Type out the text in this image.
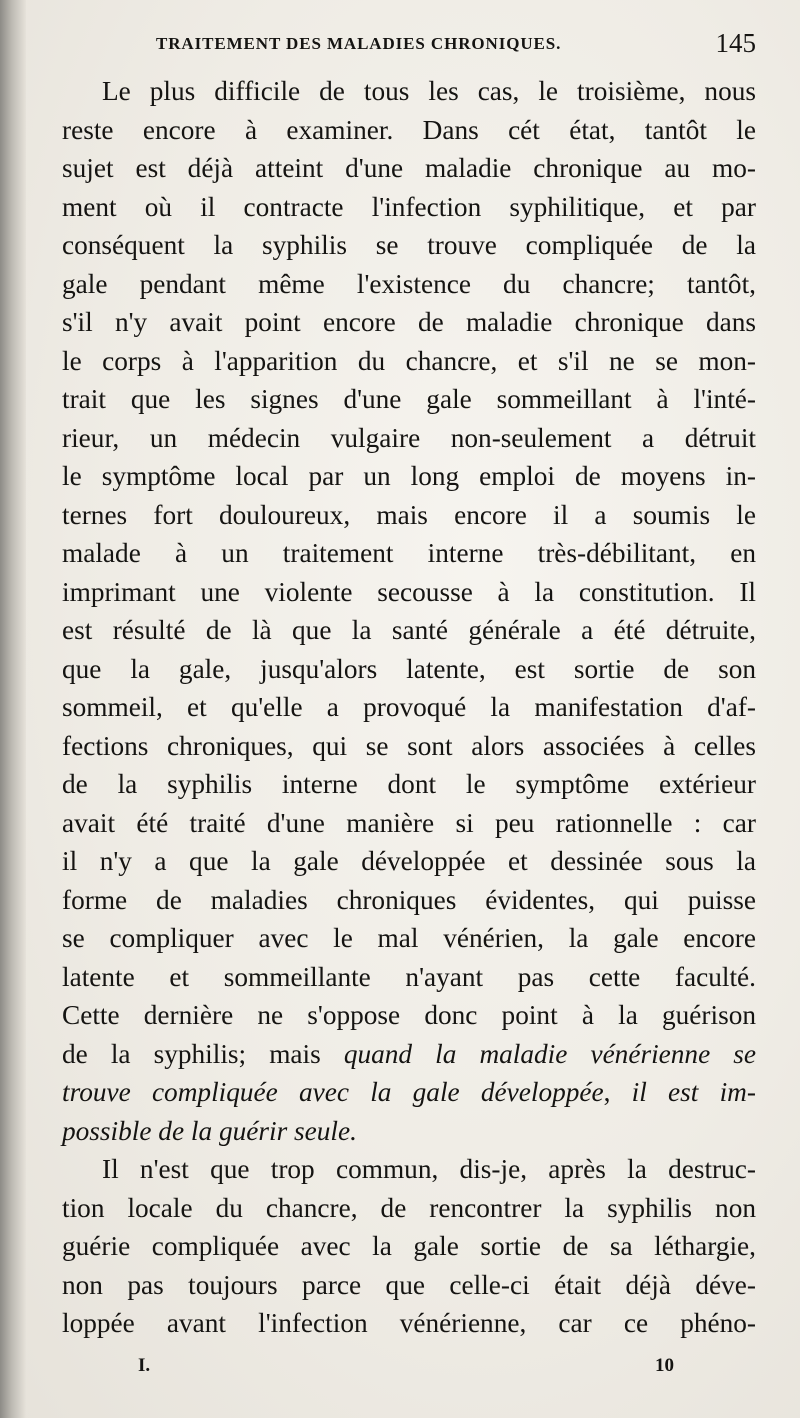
TRAITEMENT DES MALADIES CHRONIQUES.	145
Le plus difficile de tous les cas, le troisième, nous
reste encore à examiner. Dans cét état, tantôt le
sujet est déjà atteint d'une maladie chronique au mo-
ment où il contracte l'infection syphilitique, et par
conséquent la syphilis se trouve compliquée de la
gale pendant même l'existence du chancre; tantôt,
s'il n'y avait point encore de maladie chronique dans
le corps à l'apparition du chancre, et s'il ne se mon-
trait que les signes d'une gale sommeillant à l'inté-
rieur, un médecin vulgaire non-seulement a détruit
le symptôme local par un long emploi de moyens in-
ternes fort douloureux, mais encore il a soumis le
malade à un traitement interne très-débilitant, en
imprimant une violente secousse à la constitution. Il
est résulté de là que la santé générale a été détruite,
que la gale, jusqu'alors latente, est sortie de son
sommeil, et qu'elle a provoqué la manifestation d'af-
fections chroniques, qui se sont alors associées à celles
de la syphilis interne dont le symptôme extérieur
avait été traité d'une manière si peu rationnelle : car
il n'y a que la gale développée et dessinée sous la
forme de maladies chroniques évidentes, qui puisse
se compliquer avec le mal vénérien, la gale encore
latente et sommeillante n'ayant pas cette faculté.
Cette dernière ne s'oppose donc point à la guérison
de la syphilis; mais quand la maladie vénérienne se
trouve compliquée avec la gale développée, il est im-
possible de la guérir seule.
Il n'est que trop commun, dis-je, après la destruc-
tion locale du chancre, de rencontrer la syphilis non
guérie compliquée avec la gale sortie de sa léthargie,
non pas toujours parce que celle-ci était déjà déve-
loppée avant l'infection vénérienne, car ce phéno-
I.	10
